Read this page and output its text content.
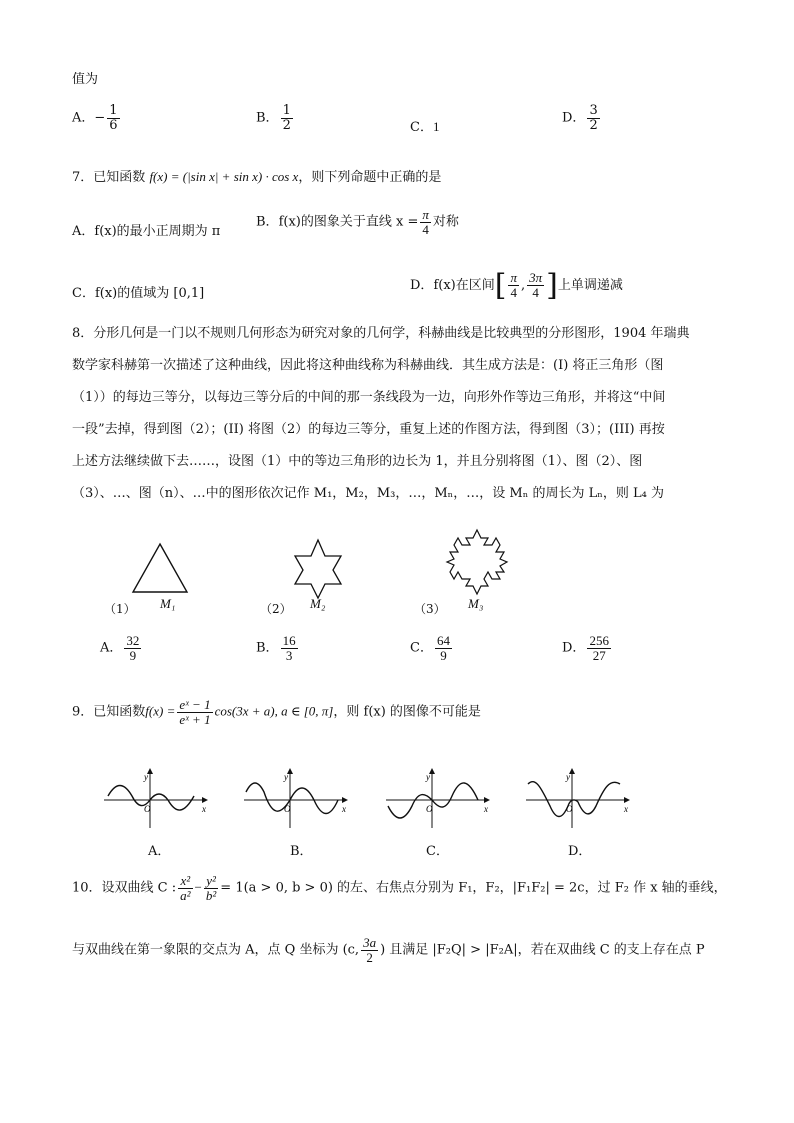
值为
A．− $\frac{1}{6}$	B． $\frac{1}{2}$	C．1
D． $\frac{3}{2}$
7．已知函数 f(x) = (|sin x| + sin x) · cos x，则下列命题中正确的是
A．f(x)的最小正周期为 π
B．f(x)的图象关于直线 $x = \frac{\pi}{4}$ 对称
C．f(x)的值域为 [0,1]
D．f(x)在区间[ $\frac{\pi}{4}$ , $\frac{3\pi}{4}$ ]上单调递减
8．分形几何是一门以不规则几何形态为研究对象的几何学，科赫曲线是比较典型的分形图形，1904 年瑞典
数学家科赫第一次描述了这种曲线，因此将这种曲线称为科赫曲线．其生成方法是：(I) 将正三角形（图
（1））的每边三等分，以每边三等分后的中间的那一条线段为一边，向形外作等边三角形，并将这“中间
一段”去掉，得到图（2）；(II) 将图（2）的每边三等分，重复上述的作图方法，得到图（3）；(III) 再按
上述方法继续做下去……，设图（1）中的等边三角形的边长为 1，并且分别将图（1）、图（2）、图
（3）、…、图（n）、…中的图形依次记作 M₁，M₂，M₃，…，Mₙ，…，设 Mₙ 的周长为 Lₙ，则 L₄ 为
（1） M₁	（2） M₂	（3） M₃
A． $\frac{32}{9}$	B． $\frac{16}{3}$	C． $\frac{64}{9}$	D． $\frac{256}{27}$
9．已知函数$f(x) = \frac{\text{eˣ − 1}}{\text{eˣ + 1}} \cos(3x + a)$, a ∈ [0, π]，则 f(x) 的图像不可能是
y
x
O
A．
y
x
O
B．
y
x
O
C．
y
x
O
D．
10．设双曲线 C : $\frac{\text{x²}}{\text{a²}} - \frac{\text{y²}}{\text{b²}} = 1(a > 0$, b > 0) 的左、右焦点分别为 F₁，F₂，|F₁F₂| = 2c，过 F₂ 作 x 轴的垂线，
与双曲线在第一象限的交点为 A，点 Q 坐标为 (c, $\frac{3a}{2}$ ) 且满足 |F₂Q| > |F₂A|，若在双曲线 C 的支上存在点 P
